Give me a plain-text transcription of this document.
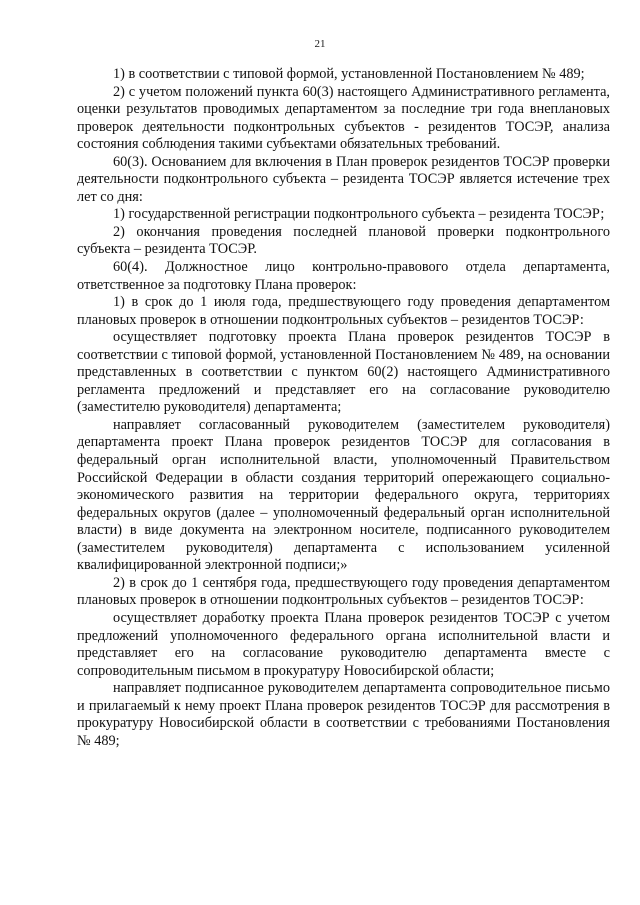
21

1) в соответствии с типовой формой, установленной Постановлением № 489;

2) с учетом положений пункта 60(3) настоящего Административного регламента, оценки результатов проводимых департаментом за последние три года внеплановых проверок деятельности подконтрольных субъектов - резидентов ТОСЭР, анализа состояния соблюдения такими субъектами обязательных требований.

60(3). Основанием для включения в План проверок резидентов ТОСЭР проверки деятельности подконтрольного субъекта – резидента ТОСЭР является истечение трех лет со дня:

1) государственной регистрации подконтрольного субъекта – резидента ТОСЭР;

2) окончания проведения последней плановой проверки подконтрольного субъекта – резидента ТОСЭР.

60(4). Должностное лицо контрольно-правового отдела департамента, ответственное за подготовку Плана проверок:

1) в срок до 1 июля года, предшествующего году проведения департаментом плановых проверок в отношении подконтрольных субъектов – резидентов ТОСЭР:

осуществляет подготовку проекта Плана проверок резидентов ТОСЭР в соответствии с типовой формой, установленной Постановлением № 489, на основании представленных в соответствии с пунктом 60(2) настоящего Административного регламента предложений и представляет его на согласование руководителю (заместителю руководителя) департамента;

направляет согласованный руководителем (заместителем руководителя) департамента проект Плана проверок резидентов ТОСЭР для согласования в федеральный орган исполнительной власти, уполномоченный Правительством Российской Федерации в области создания территорий опережающего социально-экономического развития на территории федерального округа, территориях федеральных округов (далее – уполномоченный федеральный орган исполнительной власти) в виде документа на электронном носителе, подписанного руководителем (заместителем руководителя) департамента с использованием усиленной квалифицированной электронной подписи;»

2) в срок до 1 сентября года, предшествующего году проведения департаментом плановых проверок в отношении подконтрольных субъектов – резидентов ТОСЭР:

осуществляет доработку проекта Плана проверок резидентов ТОСЭР с учетом предложений уполномоченного федерального органа исполнительной власти и представляет его на согласование руководителю департамента вместе с сопроводительным письмом в прокуратуру Новосибирской области;

направляет подписанное руководителем департамента сопроводительное письмо и прилагаемый к нему проект Плана проверок резидентов ТОСЭР для рассмотрения в прокуратуру Новосибирской области в соответствии с требованиями Постановления № 489;
